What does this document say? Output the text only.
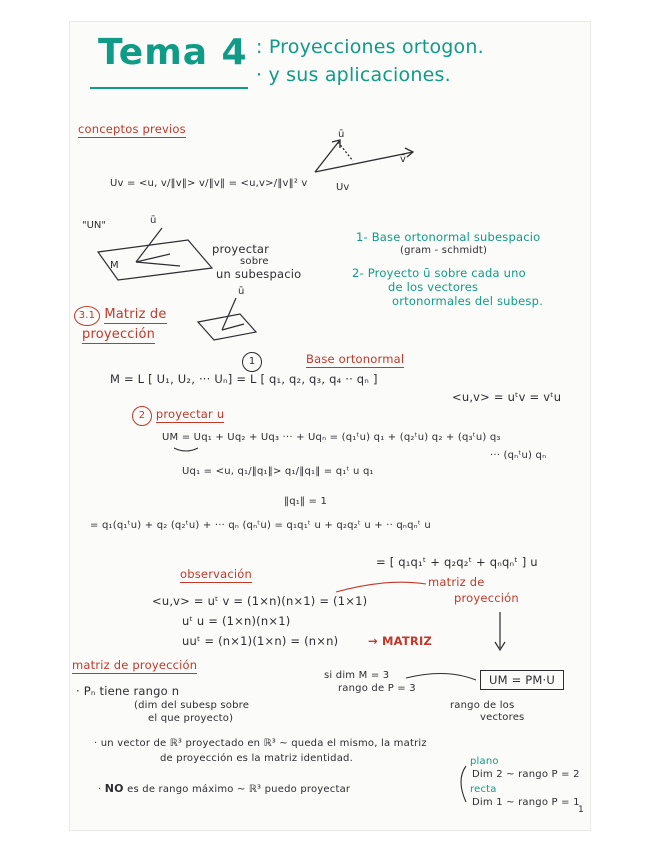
Tema 4 : Proyecciones ortogon.
· y sus aplicaciones.
conceptos previos
Uv = <u, v/‖v‖> v/‖v‖ = <u,v>/‖v‖² v
ū
v̄
Uv
"UN"	ū
M
proyectar
sobre
un subespacio
1- Base ortonormal subespacio
(gram - schmidt)
2- Proyecto ū sobre cada uno
de los vectores
ortonormales del subesp.
3.1 Matriz de
proyección
ū
1	Base ortonormal
M = L [ U₁, U₂, ··· Uₙ] = L [ q₁, q₂, q₃, q₄ ·· qₙ ]
<u,v> = uᵗv = vᵗu
2 proyectar u
UM = Uq₁ + Uq₂ + Uq₃ ··· + Uqₙ = (q₁ᵗu) q₁ + (q₂ᵗu) q₂ + (q₃ᵗu) q₃
··· (qₙᵗu) qₙ
Uq₁ = <u, q₁/‖q₁‖> q₁/‖q₁‖ = q₁ᵗ u q₁
‖q₁‖ = 1
= q₁(q₁ᵗu) + q₂ (q₂ᵗu) + ··· qₙ (qₙᵗu) = q₁q₁ᵗ u + q₂q₂ᵗ u + ·· qₙqₙᵗ u
= [ q₁q₁ᵗ + q₂q₂ᵗ + qₙqₙᵗ ] u
matriz de
proyección
observación
<u,v> = uᵗ v = (1×n)(n×1) = (1×1)
uᵗ u = (1×n)(n×1)
uuᵗ = (n×1)(1×n) = (n×n)	→ MATRIZ
matriz de proyección
· Pₙ tiene rango n
(dim del subesp sobre
el que proyecto)
si dim M = 3
rango de P = 3
UM = PM·U
rango de los
vectores
· un vector de ℝ³ proyectado en ℝ³ ~ queda el mismo, la matriz
de proyección es la matriz identidad.
· NO es de rango máximo ~ ℝ³ puedo proyectar
plano
Dim 2 ~ rango P = 2
recta
Dim 1 ~ rango P = 1
1
